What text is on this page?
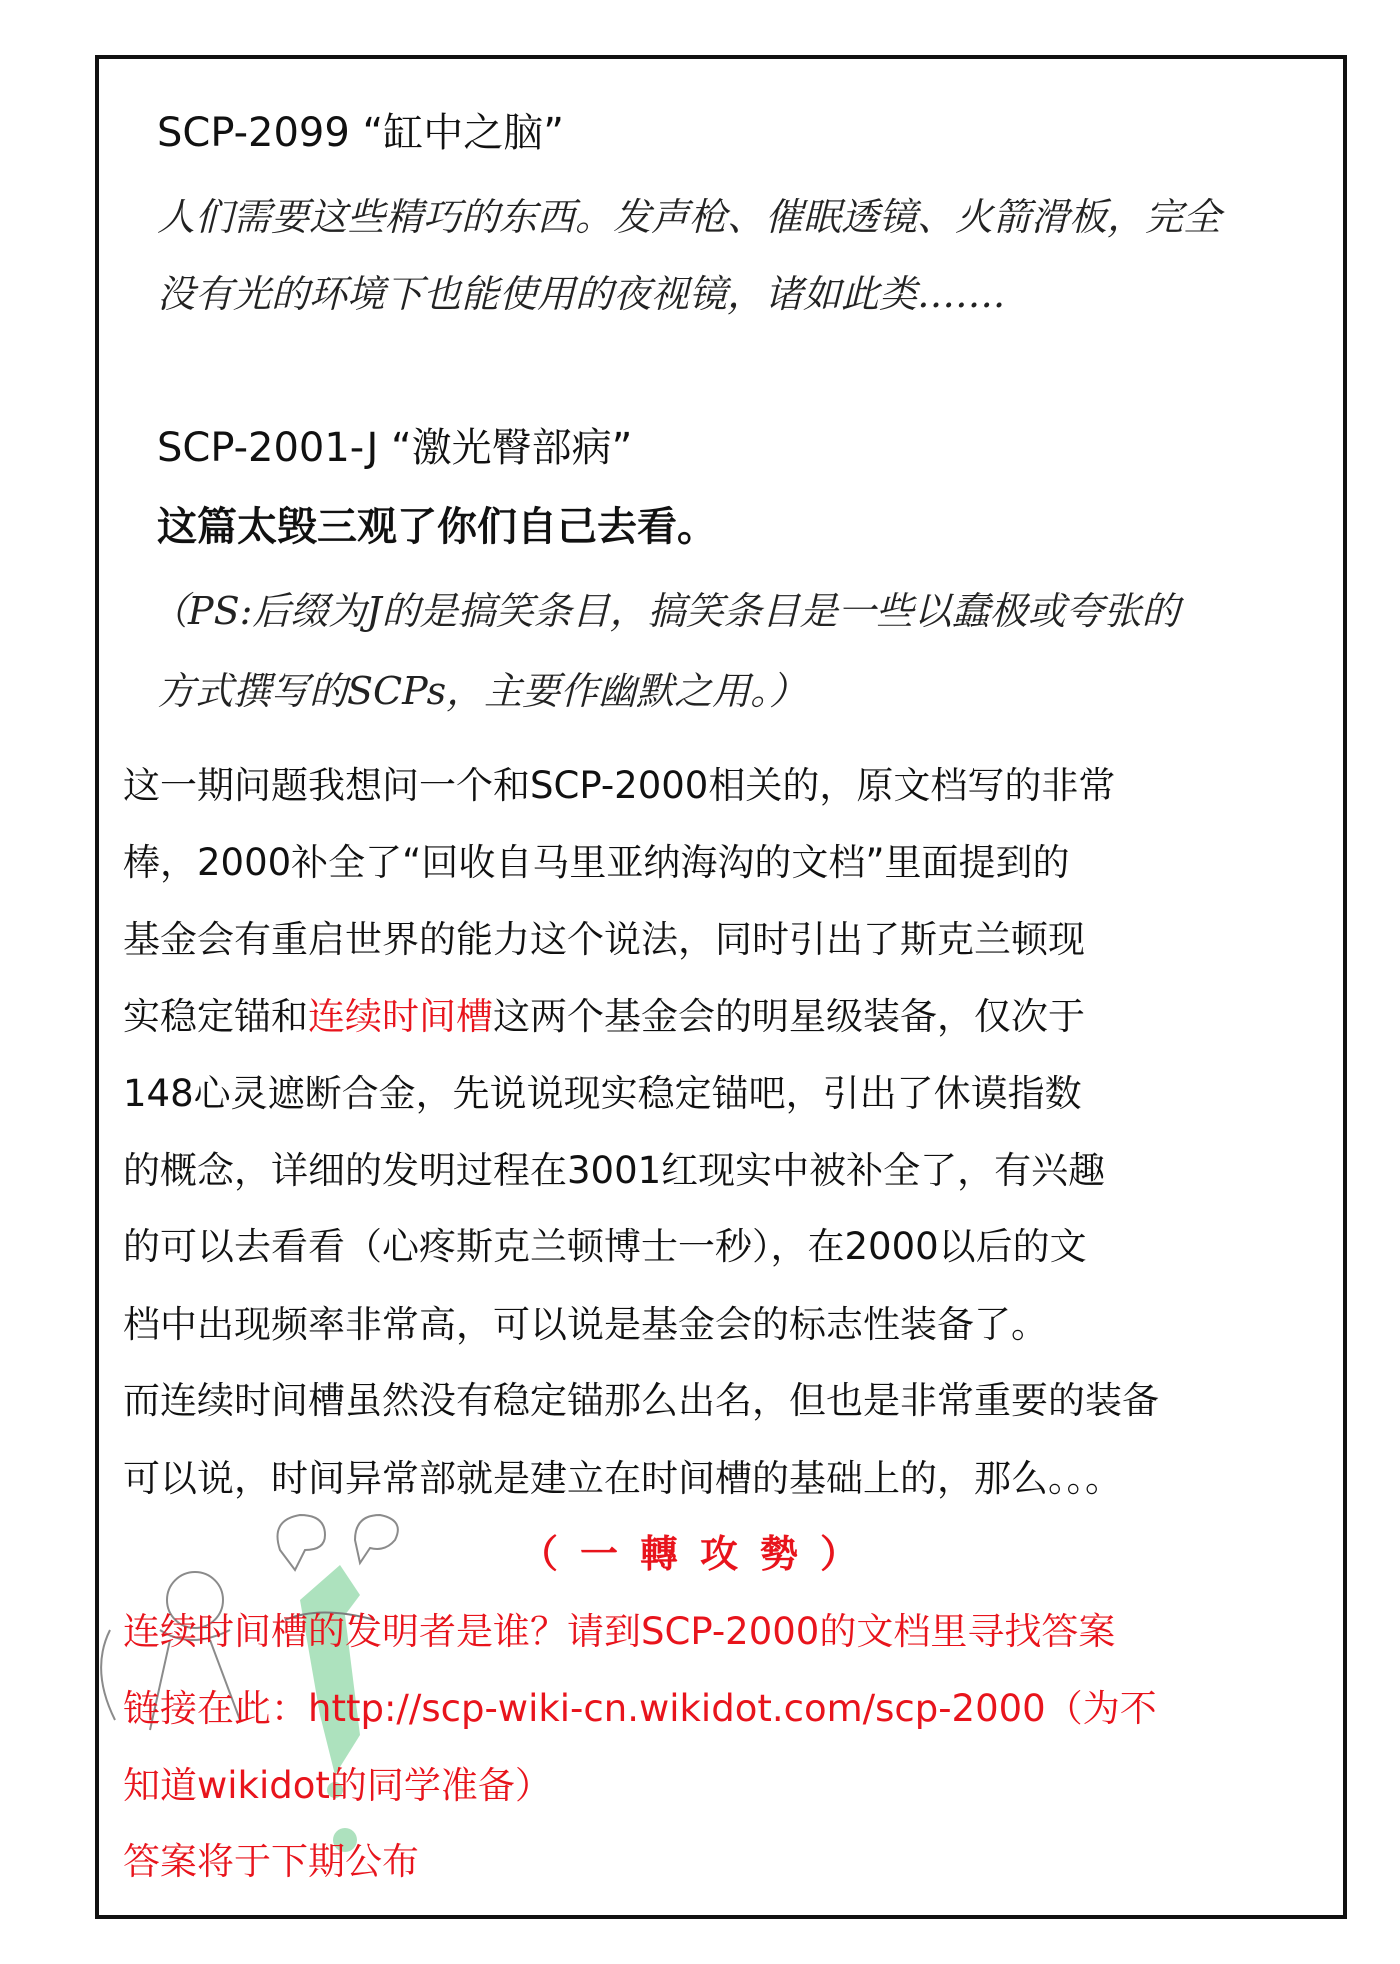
SCP-2099 “缸中之脑”
人们需要这些精巧的东西。发声枪、催眠透镜、火箭滑板，完全
没有光的环境下也能使用的夜视镜，诸如此类…….
SCP-2001-J “激光臀部病”
这篇太毁三观了你们自己去看。
（PS:后缀为J的是搞笑条目，搞笑条目是一些以蠢极或夸张的
方式撰写的SCPs，主要作幽默之用。）
这一期问题我想问一个和SCP-2000相关的，原文档写的非常
棒，2000补全了“回收自马里亚纳海沟的文档”里面提到的
基金会有重启世界的能力这个说法，同时引出了斯克兰顿现
实稳定锚和连续时间槽这两个基金会的明星级装备，仅次于
148心灵遮断合金，先说说现实稳定锚吧，引出了休谟指数
的概念，详细的发明过程在3001红现实中被补全了，有兴趣
的可以去看看（心疼斯克兰顿博士一秒），在2000以后的文
档中出现频率非常高，可以说是基金会的标志性装备了。
而连续时间槽虽然没有稳定锚那么出名，但也是非常重要的装备
可以说，时间异常部就是建立在时间槽的基础上的，那么。。。
（一轉攻勢）
连续时间槽的发明者是谁？请到SCP-2000的文档里寻找答案
链接在此：http://scp-wiki-cn.wikidot.com/scp-2000（为不
知道wikidot的同学准备）
答案将于下期公布
